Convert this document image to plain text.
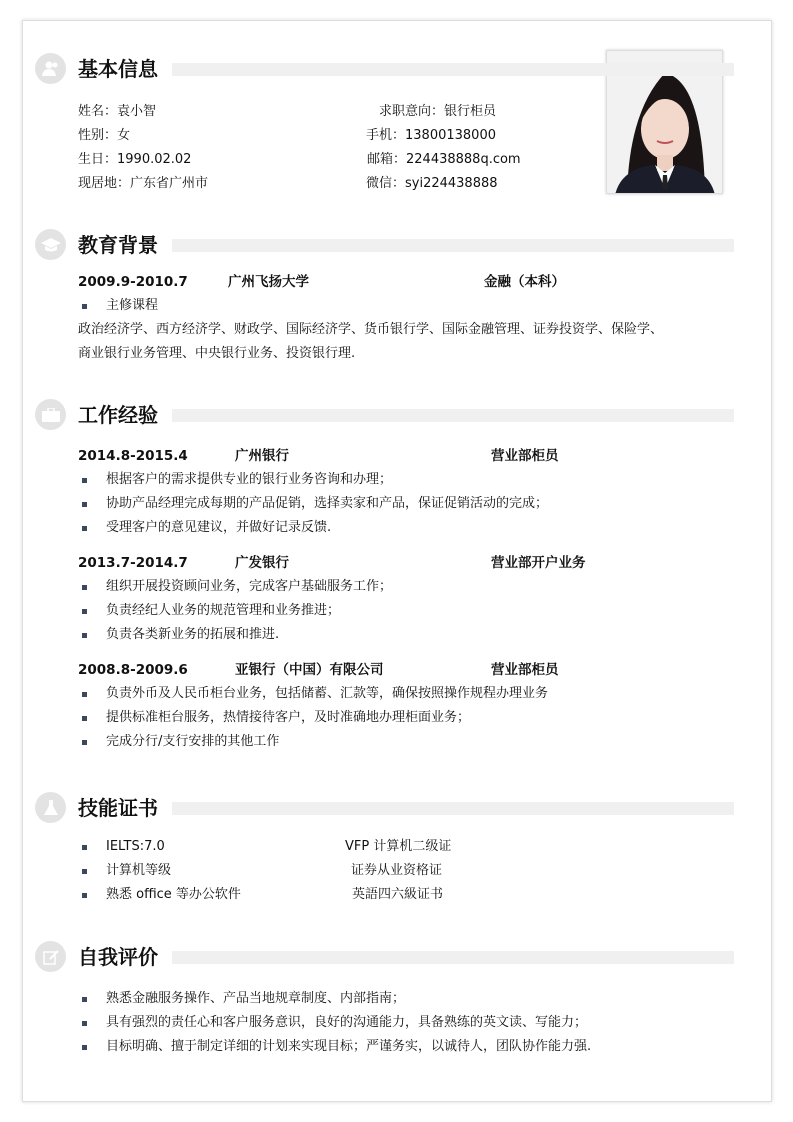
基本信息
姓名：袁小智	求职意向：银行柜员
性别：女	手机：13800138000
生日：1990.02.02	邮箱：224438888q.com
现居地：广东省广州市	微信：syi224438888
教育背景
2009.9-2010.7	广州飞扬大学	金融（本科）
主修课程
政治经济学、西方经济学、财政学、国际经济学、货币银行学、国际金融管理、证券投资学、保险学、
商业银行业务管理、中央银行业务、投资银行理.
工作经验
2014.8-2015.4	广州银行	营业部柜员
根据客户的需求提供专业的银行业务咨询和办理；
协助产品经理完成每期的产品促销，选择卖家和产品，保证促销活动的完成；
受理客户的意见建议，并做好记录反馈.
2013.7-2014.7	广发银行	营业部开户业务
组织开展投资顾问业务，完成客户基础服务工作；
负责经纪人业务的规范管理和业务推进；
负责各类新业务的拓展和推进.
2008.8-2009.6	亚银行（中国）有限公司	营业部柜员
负责外币及人民币柜台业务，包括储蓄、汇款等，确保按照操作规程办理业务
提供标准柜台服务，热情接待客户，及时准确地办理柜面业务；
完成分行/支行安排的其他工作
技能证书
IELTS:7.0	VFP 计算机二级证
计算机等级	证券从业资格证
熟悉 office 等办公软件	英語四六級证书
自我评价
熟悉金融服务操作、产品当地规章制度、内部指南；
具有强烈的责任心和客户服务意识，良好的沟通能力，具备熟练的英文读、写能力；
目标明确、擅于制定详细的计划来实现目标；严谨务实，以诚待人，团队协作能力强.
